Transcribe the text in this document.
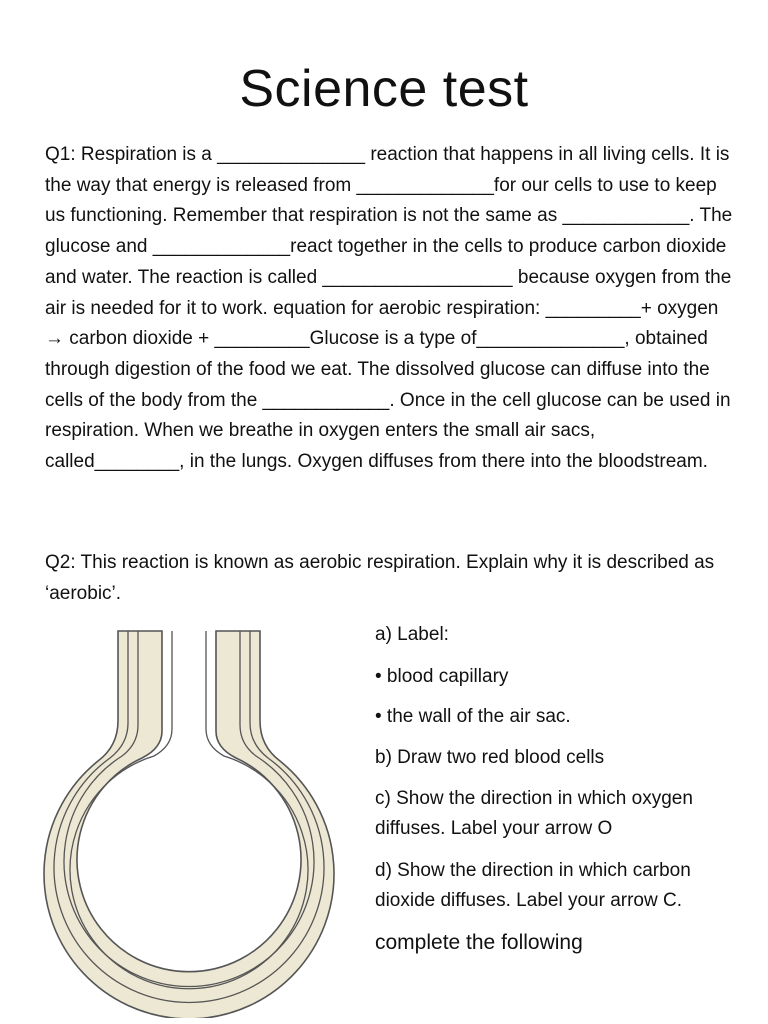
Science test

Q1: Respiration is a ______________ reaction that happens in all living cells. It is the way that energy is released from _____________for our cells to use to keep us functioning. Remember that respiration is not the same as ____________. The glucose and _____________react together in the cells to produce carbon dioxide and water. The reaction is called __________________ because oxygen from the air is needed for it to work. equation for aerobic respiration: _________+ oxygen → carbon dioxide + _________Glucose is a type of______________, obtained through digestion of the food we eat. The dissolved glucose can diffuse into the cells of the body from the ____________. Once in the cell glucose can be used in respiration. When we breathe in oxygen enters the small air sacs, called________, in the lungs. Oxygen diffuses from there into the bloodstream.

Q2: This reaction is known as aerobic respiration. Explain why it is described as ‘aerobic’.

a) Label:

• blood capillary

• the wall of the air sac.

b) Draw two red blood cells

c) Show the direction in which oxygen diffuses. Label your arrow O

d) Show the direction in which carbon dioxide diffuses. Label your arrow C.

complete the following
